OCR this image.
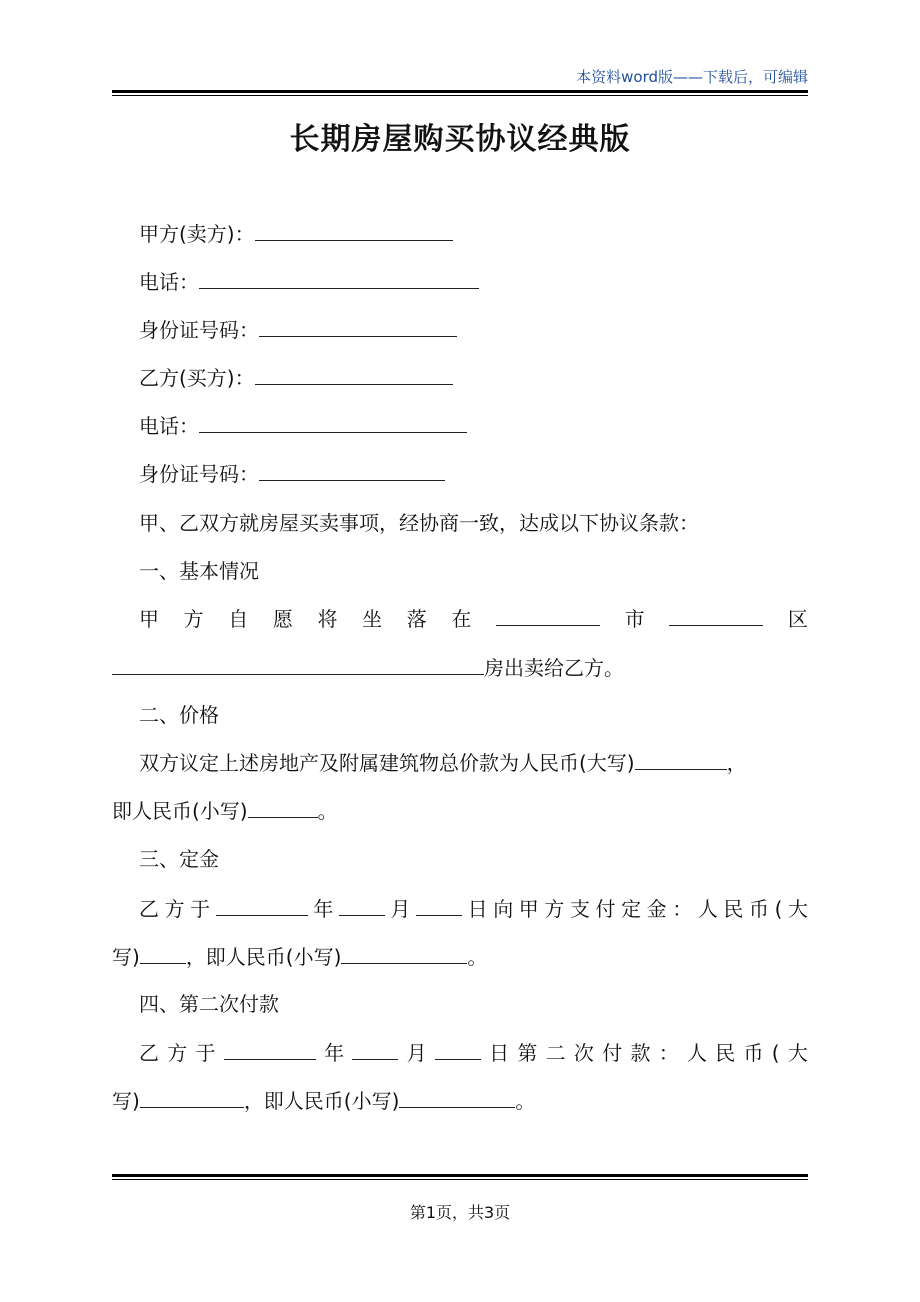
本资料word版——下载后，可编辑
长期房屋购买协议经典版
甲方(卖方)：
电话：
身份证号码：
乙方(买方)：
电话：
身份证号码：
甲、乙双方就房屋买卖事项，经协商一致，达成以下协议条款：
一、基本情况
甲 方 自 愿 将 坐 落 在	市	区
房出卖给乙方。
二、价格
双方议定上述房地产及附属建筑物总价款为人民币(大写)	，
即人民币(小写)	。
三、定金
乙 方 于	年	月	日 向 甲 方 支 付 定 金 ： 人 民 币 ( 大
写) ，即人民币(小写)	。
四、第二次付款
乙 方 于	年	月	日 第 二 次 付 款 ： 人 民 币 ( 大
写)	，即人民币(小写)	。
第1页，共3页
